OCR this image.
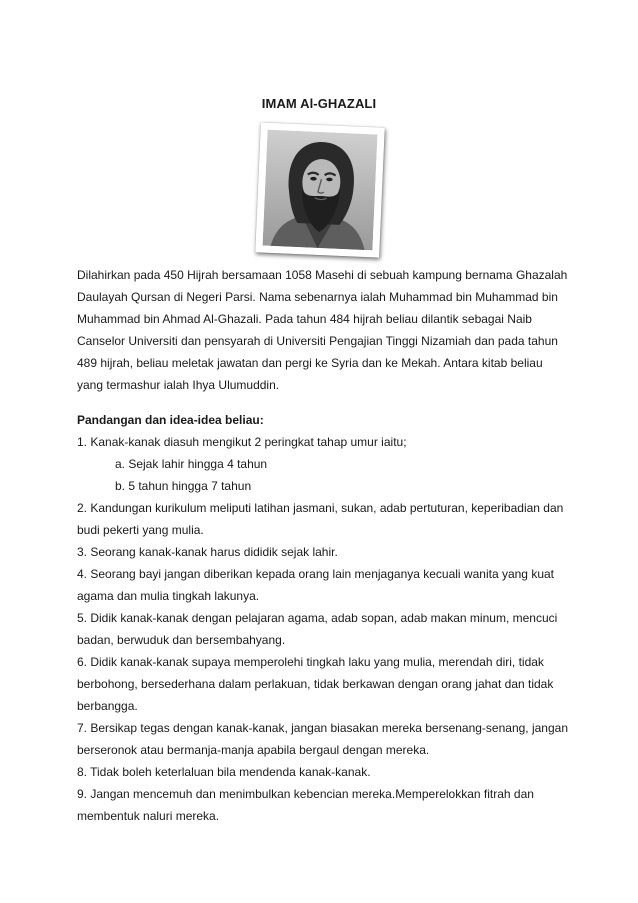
IMAM Al-GHAZALI
Dilahirkan pada 450 Hijrah bersamaan 1058 Masehi di sebuah kampung bernama Ghazalah
Daulayah Qursan di Negeri Parsi. Nama sebenarnya ialah Muhammad bin Muhammad bin
Muhammad bin Ahmad Al-Ghazali. Pada tahun 484 hijrah beliau dilantik sebagai Naib
Canselor Universiti dan pensyarah di Universiti Pengajian Tinggi Nizamiah dan pada tahun
489 hijrah, beliau meletak jawatan dan pergi ke Syria dan ke Mekah. Antara kitab beliau
yang termashur ialah Ihya Ulumuddin.
Pandangan dan idea-idea beliau:
1. Kanak-kanak diasuh mengikut 2 peringkat tahap umur iaitu;
a. Sejak lahir hingga 4 tahun
b. 5 tahun hingga 7 tahun
2. Kandungan kurikulum meliputi latihan jasmani, sukan, adab pertuturan, keperibadian dan
budi pekerti yang mulia.
3. Seorang kanak-kanak harus dididik sejak lahir.
4. Seorang bayi jangan diberikan kepada orang lain menjaganya kecuali wanita yang kuat
agama dan mulia tingkah lakunya.
5. Didik kanak-kanak dengan pelajaran agama, adab sopan, adab makan minum, mencuci
badan, berwuduk dan bersembahyang.
6. Didik kanak-kanak supaya memperolehi tingkah laku yang mulia, merendah diri, tidak
berbohong, bersederhana dalam perlakuan, tidak berkawan dengan orang jahat dan tidak
berbangga.
7. Bersikap tegas dengan kanak-kanak, jangan biasakan mereka bersenang-senang, jangan
berseronok atau bermanja-manja apabila bergaul dengan mereka.
8. Tidak boleh keterlaluan bila mendenda kanak-kanak.
9. Jangan mencemuh dan menimbulkan kebencian mereka.Memperelokkan fitrah dan
membentuk naluri mereka.
